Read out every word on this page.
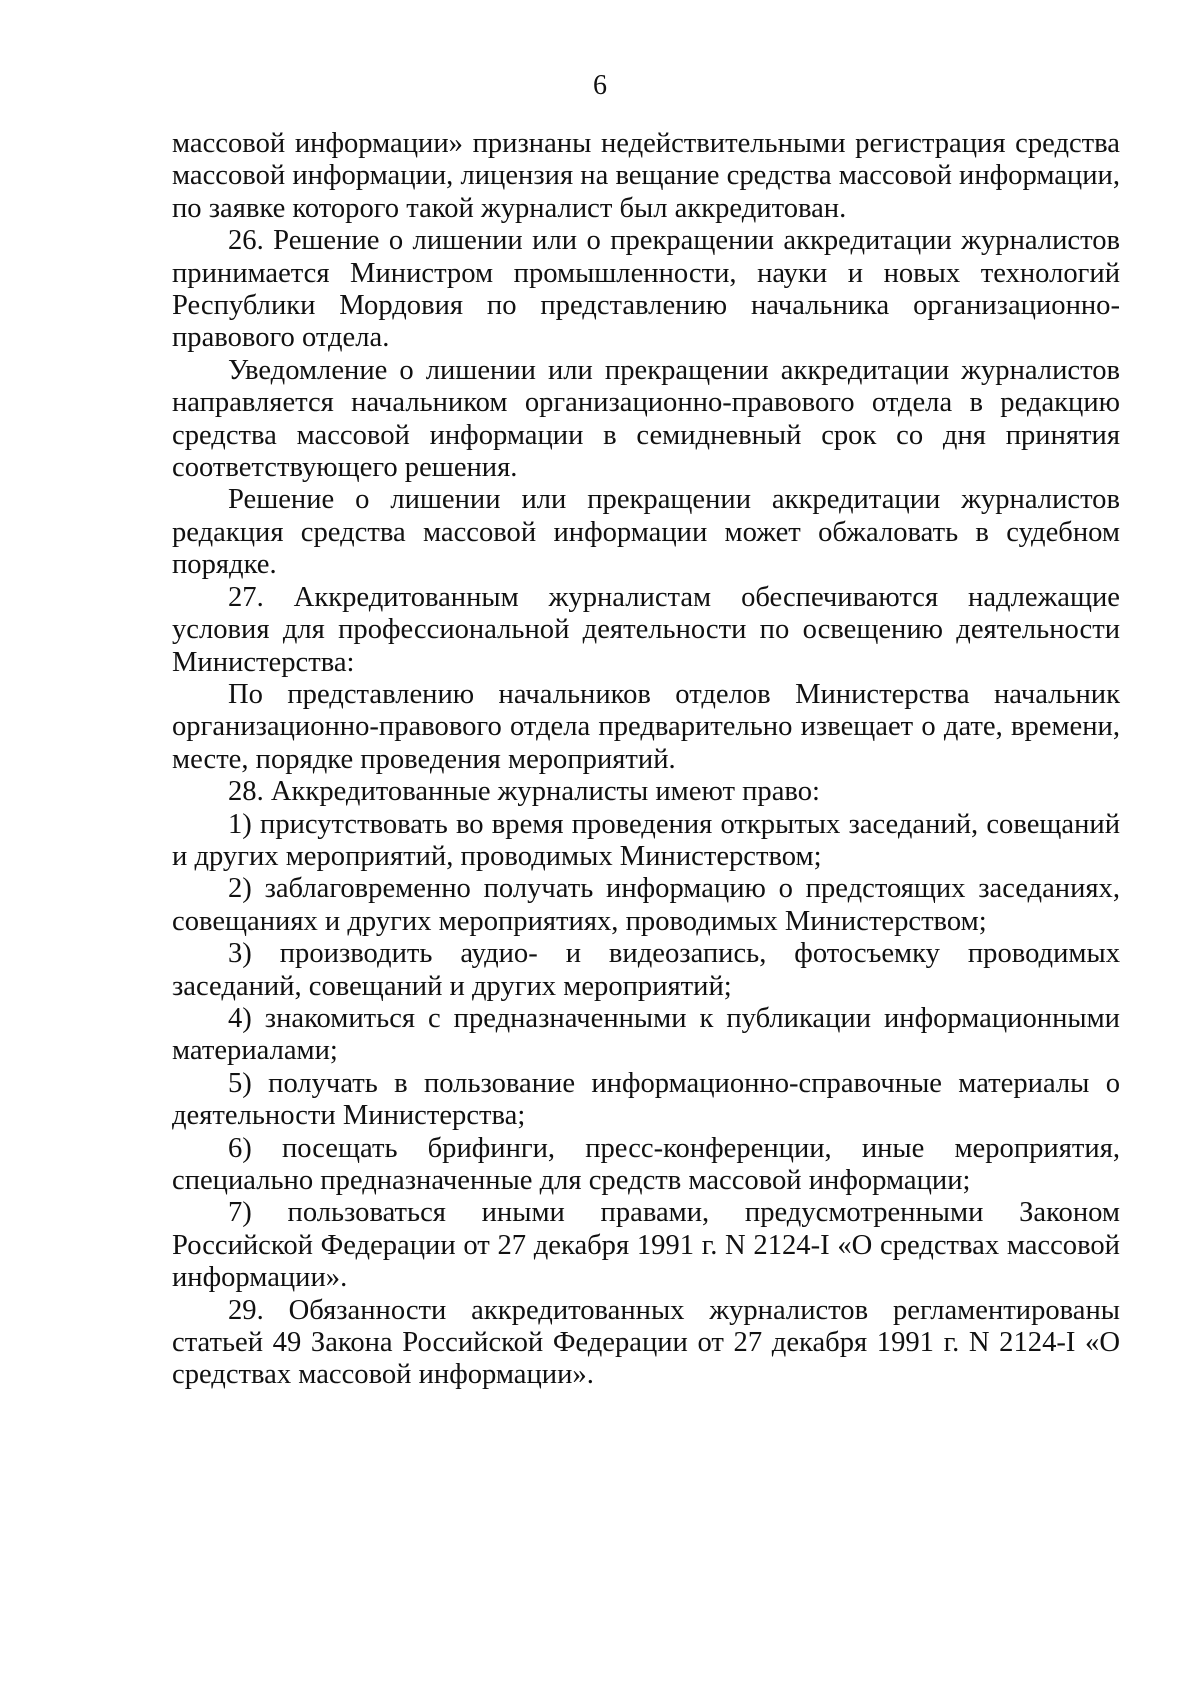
6

массовой информации» признаны недействительными регистрация средства массовой информации, лицензия на вещание средства массовой информации, по заявке которого такой журналист был аккредитован.

26. Решение о лишении или о прекращении аккредитации журналистов принимается Министром промышленности, науки и новых технологий Республики Мордовия по представлению начальника организационно-правового отдела.

Уведомление о лишении или прекращении аккредитации журналистов направляется начальником организационно-правового отдела в редакцию средства массовой информации в семидневный срок со дня принятия соответствующего решения.

Решение о лишении или прекращении аккредитации журналистов редакция средства массовой информации может обжаловать в судебном порядке.

27. Аккредитованным журналистам обеспечиваются надлежащие условия для профессиональной деятельности по освещению деятельности Министерства:

По представлению начальников отделов Министерства начальник организационно-правового отдела предварительно извещает о дате, времени, месте, порядке проведения мероприятий.

28. Аккредитованные журналисты имеют право:

1) присутствовать во время проведения открытых заседаний, совещаний и других мероприятий, проводимых Министерством;

2) заблаговременно получать информацию о предстоящих заседаниях, совещаниях и других мероприятиях, проводимых Министерством;

3) производить аудио- и видеозапись, фотосъемку проводимых заседаний, совещаний и других мероприятий;

4) знакомиться с предназначенными к публикации информационными материалами;

5) получать в пользование информационно-справочные материалы о деятельности Министерства;

6) посещать брифинги, пресс-конференции, иные мероприятия, специально предназначенные для средств массовой информации;

7) пользоваться иными правами, предусмотренными Законом Российской Федерации от 27 декабря 1991 г. N 2124-I «О средствах массовой информации».

29. Обязанности аккредитованных журналистов регламентированы статьей 49 Закона Российской Федерации от 27 декабря 1991 г. N 2124-I «О средствах массовой информации».
